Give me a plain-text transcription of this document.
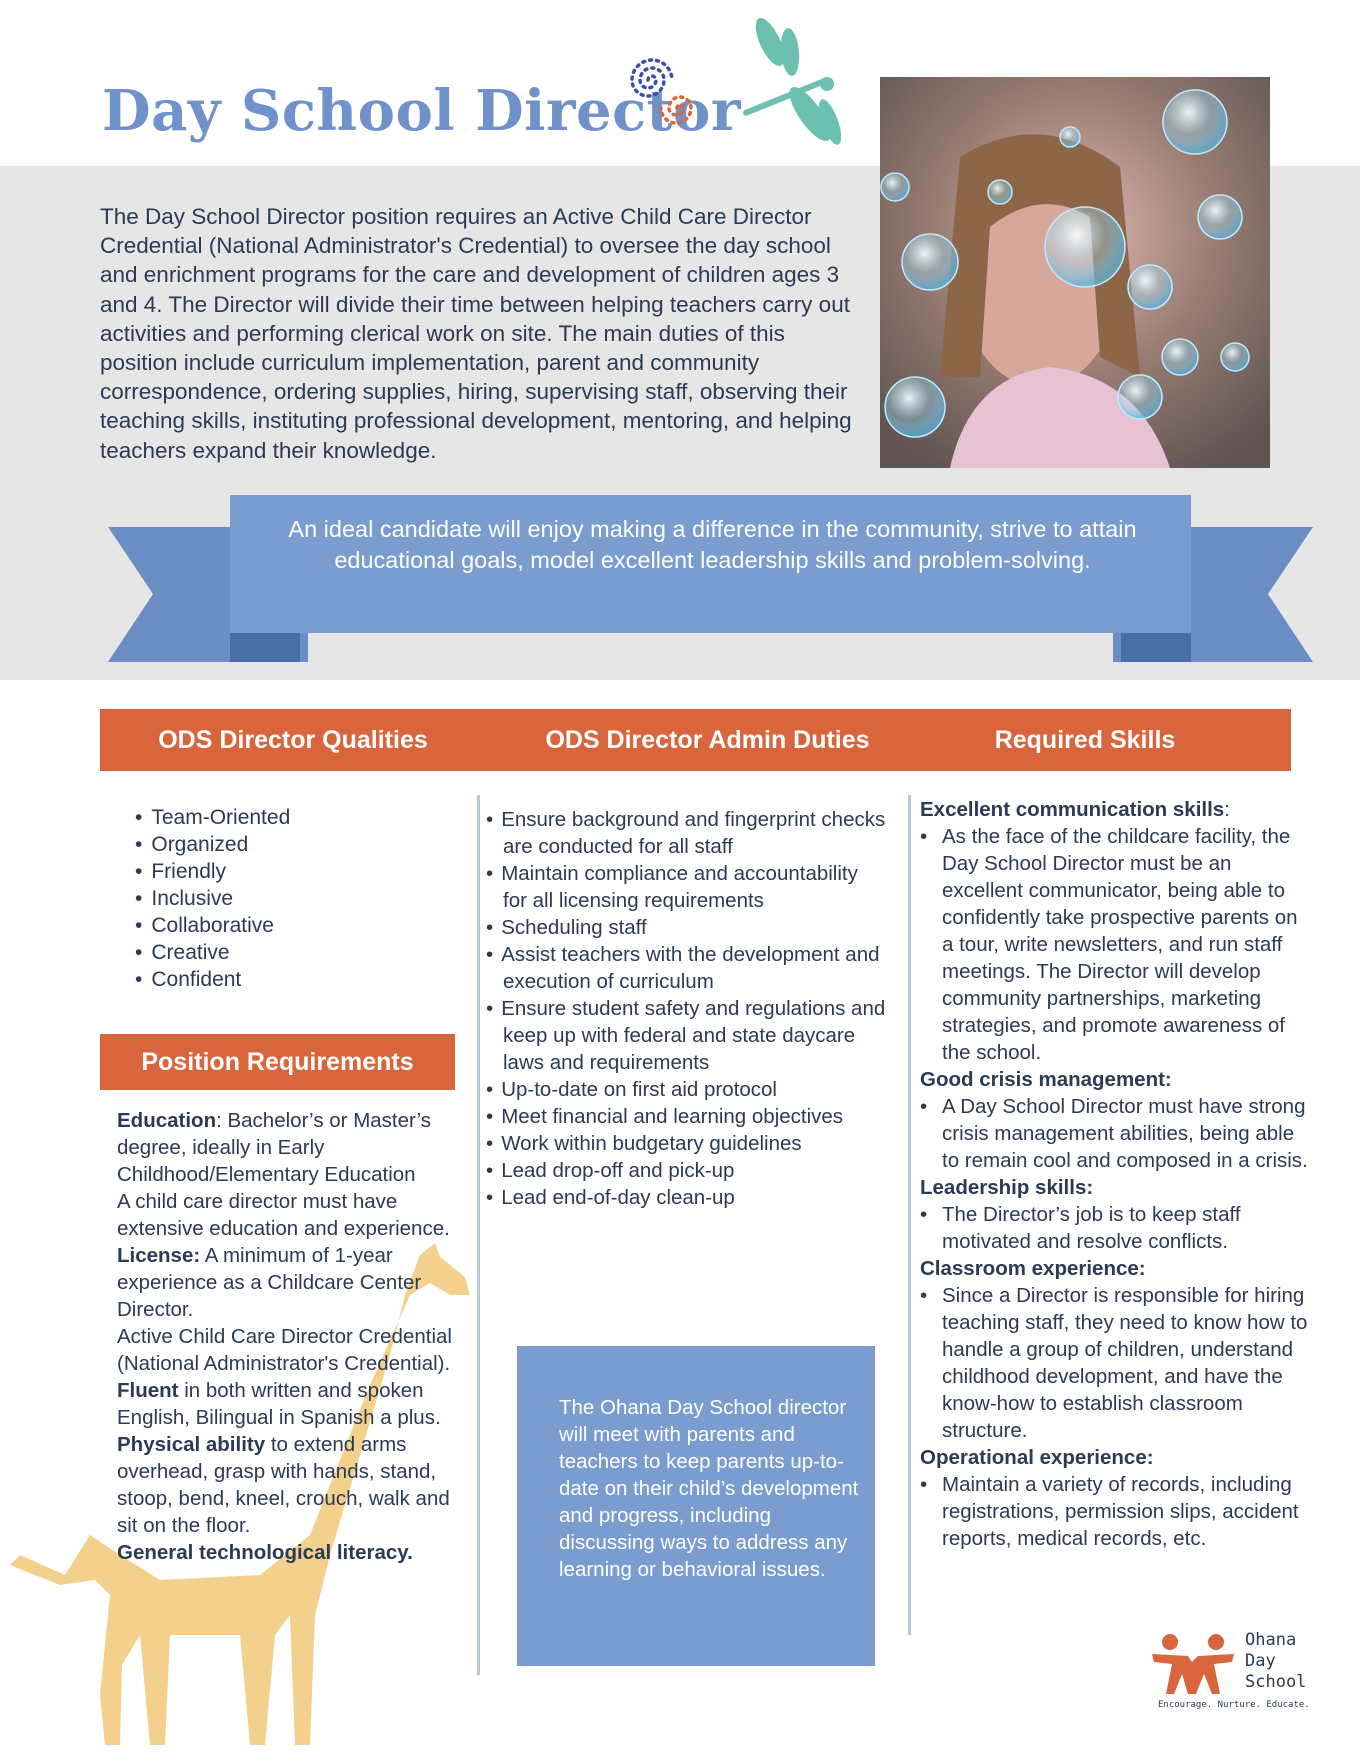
Day School Director
The Day School Director position requires an Active Child Care Director Credential (National Administrator's Credential) to oversee the day school and enrichment programs for the care and development of children ages 3 and 4. The Director will divide their time between helping teachers carry out activities and performing clerical work on site. The main duties of this position include curriculum implementation, parent and community correspondence, ordering supplies, hiring, supervising staff, observing their teaching skills, instituting professional development, mentoring, and helping teachers expand their knowledge.
An ideal candidate will enjoy making a difference in the community, strive to attain
educational goals, model excellent leadership skills and problem-solving.
ODS Director Qualities	ODS Director Admin Duties	Required Skills
• Team-Oriented
• Organized
• Friendly
• Inclusive
• Collaborative
• Creative
• Confident
Position Requirements
Education: Bachelor’s or Master’s degree, ideally in Early Childhood/Elementary Education
A child care director must have extensive education and experience.
License: A minimum of 1-year experience as a Childcare Center Director.
Active Child Care Director Credential (National Administrator's Credential).
Fluent in both written and spoken English, Bilingual in Spanish a plus.
Physical ability to extend arms overhead, grasp with hands, stand, stoop, bend, kneel, crouch, walk and sit on the floor.
General technological literacy.
• Ensure background and fingerprint checks are conducted for all staff
• Maintain compliance and accountability for all licensing requirements
• Scheduling staff
• Assist teachers with the development and execution of curriculum
• Ensure student safety and regulations and keep up with federal and state daycare laws and requirements
• Up-to-date on first aid protocol
• Meet financial and learning objectives
• Work within budgetary guidelines
• Lead drop-off and pick-up
• Lead end-of-day clean-up
The Ohana Day School director will meet with parents and teachers to keep parents up-to-date on their child’s development and progress, including discussing ways to address any learning or behavioral issues.
Excellent communication skills:
• As the face of the childcare facility, the Day School Director must be an excellent communicator, being able to confidently take prospective parents on a tour, write newsletters, and run staff meetings. The Director will develop community partnerships, marketing strategies, and promote awareness of the school.
Good crisis management:
• A Day School Director must have strong crisis management abilities, being able to remain cool and composed in a crisis.
Leadership skills:
• The Director’s job is to keep staff motivated and resolve conflicts.
Classroom experience:
• Since a Director is responsible for hiring teaching staff, they need to know how to handle a group of children, understand childhood development, and have the know-how to establish classroom structure.
Operational experience:
• Maintain a variety of records, including registrations, permission slips, accident reports, medical records, etc.
Ohana
Day
School
Encourage. Nurture. Educate.
